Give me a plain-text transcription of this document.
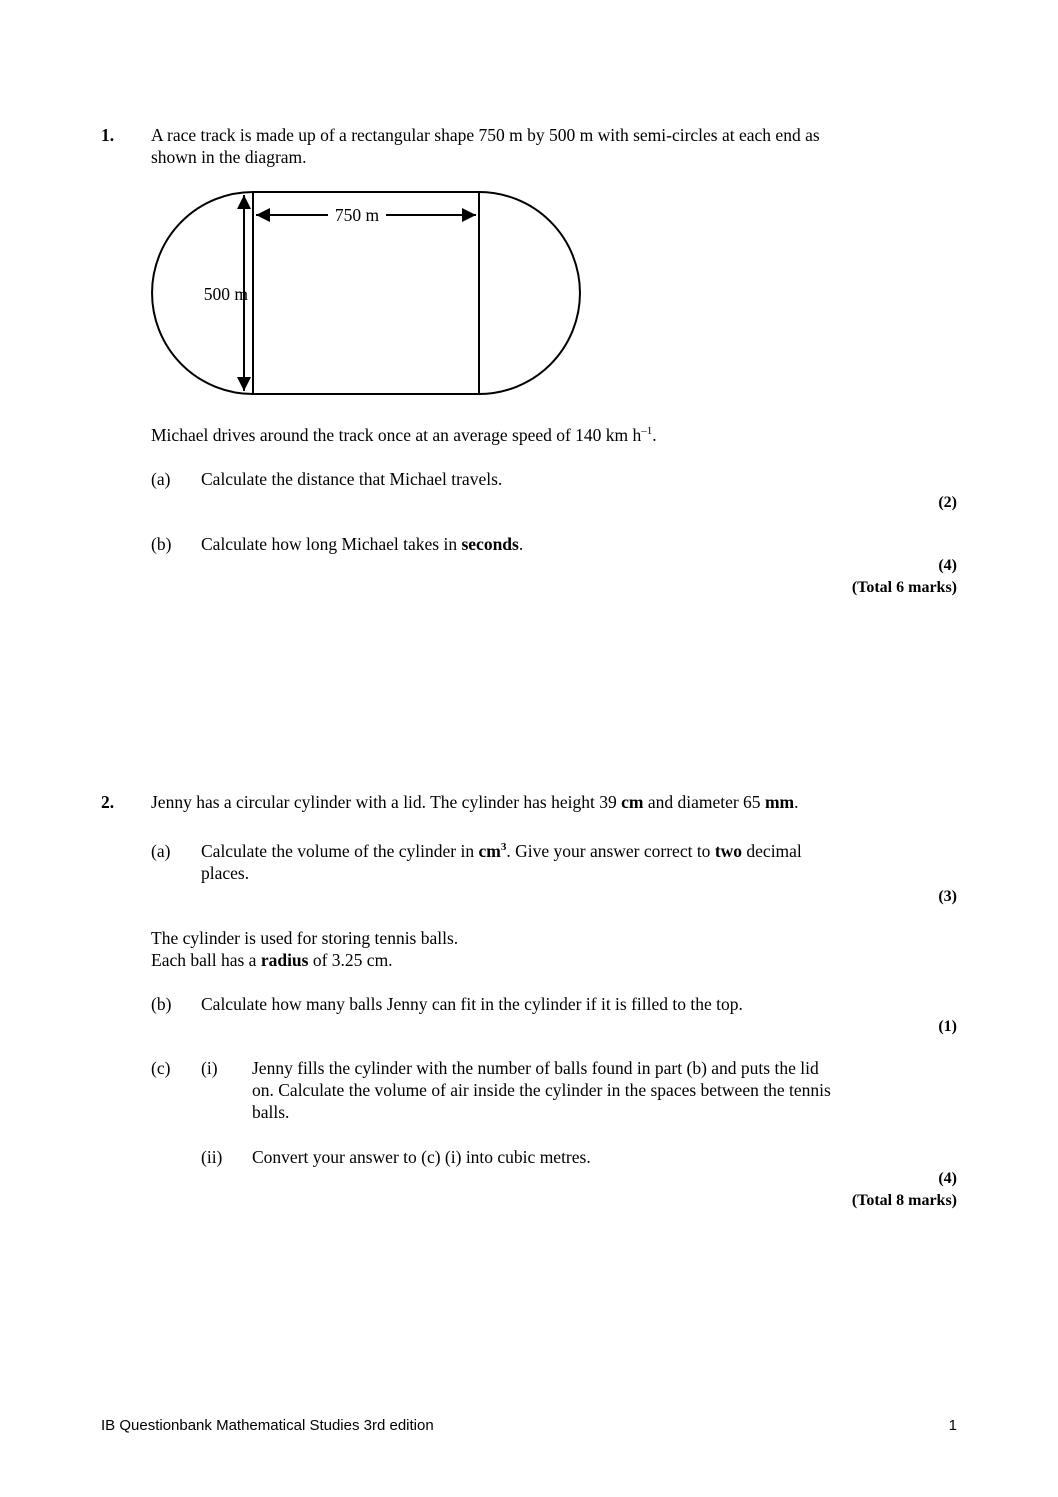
1. A race track is made up of a rectangular shape 750 m by 500 m with semi-circles at each end as
shown in the diagram.
750 m
500 m
Michael drives around the track once at an average speed of 140 km $h^{-1}$.
(a) Calculate the distance that Michael travels.
(2)
(b) Calculate how long Michael takes in seconds.
(4)
(Total 6 marks)
2. Jenny has a circular cylinder with a lid. The cylinder has height 39 cm and diameter 65 mm.
(a) Calculate the volume of the cylinder in $cm^3$. Give your answer correct to two decimal
places.
(3)
The cylinder is used for storing tennis balls.
Each ball has a radius of 3.25 cm.
(b) Calculate how many balls Jenny can fit in the cylinder if it is filled to the top.
(1)
(c) (i) Jenny fills the cylinder with the number of balls found in part (b) and puts the lid
on. Calculate the volume of air inside the cylinder in the spaces between the tennis
balls.
(ii) Convert your answer to (c) (i) into cubic metres.
(4)
(Total 8 marks)
IB Questionbank Mathematical Studies 3rd edition	1
